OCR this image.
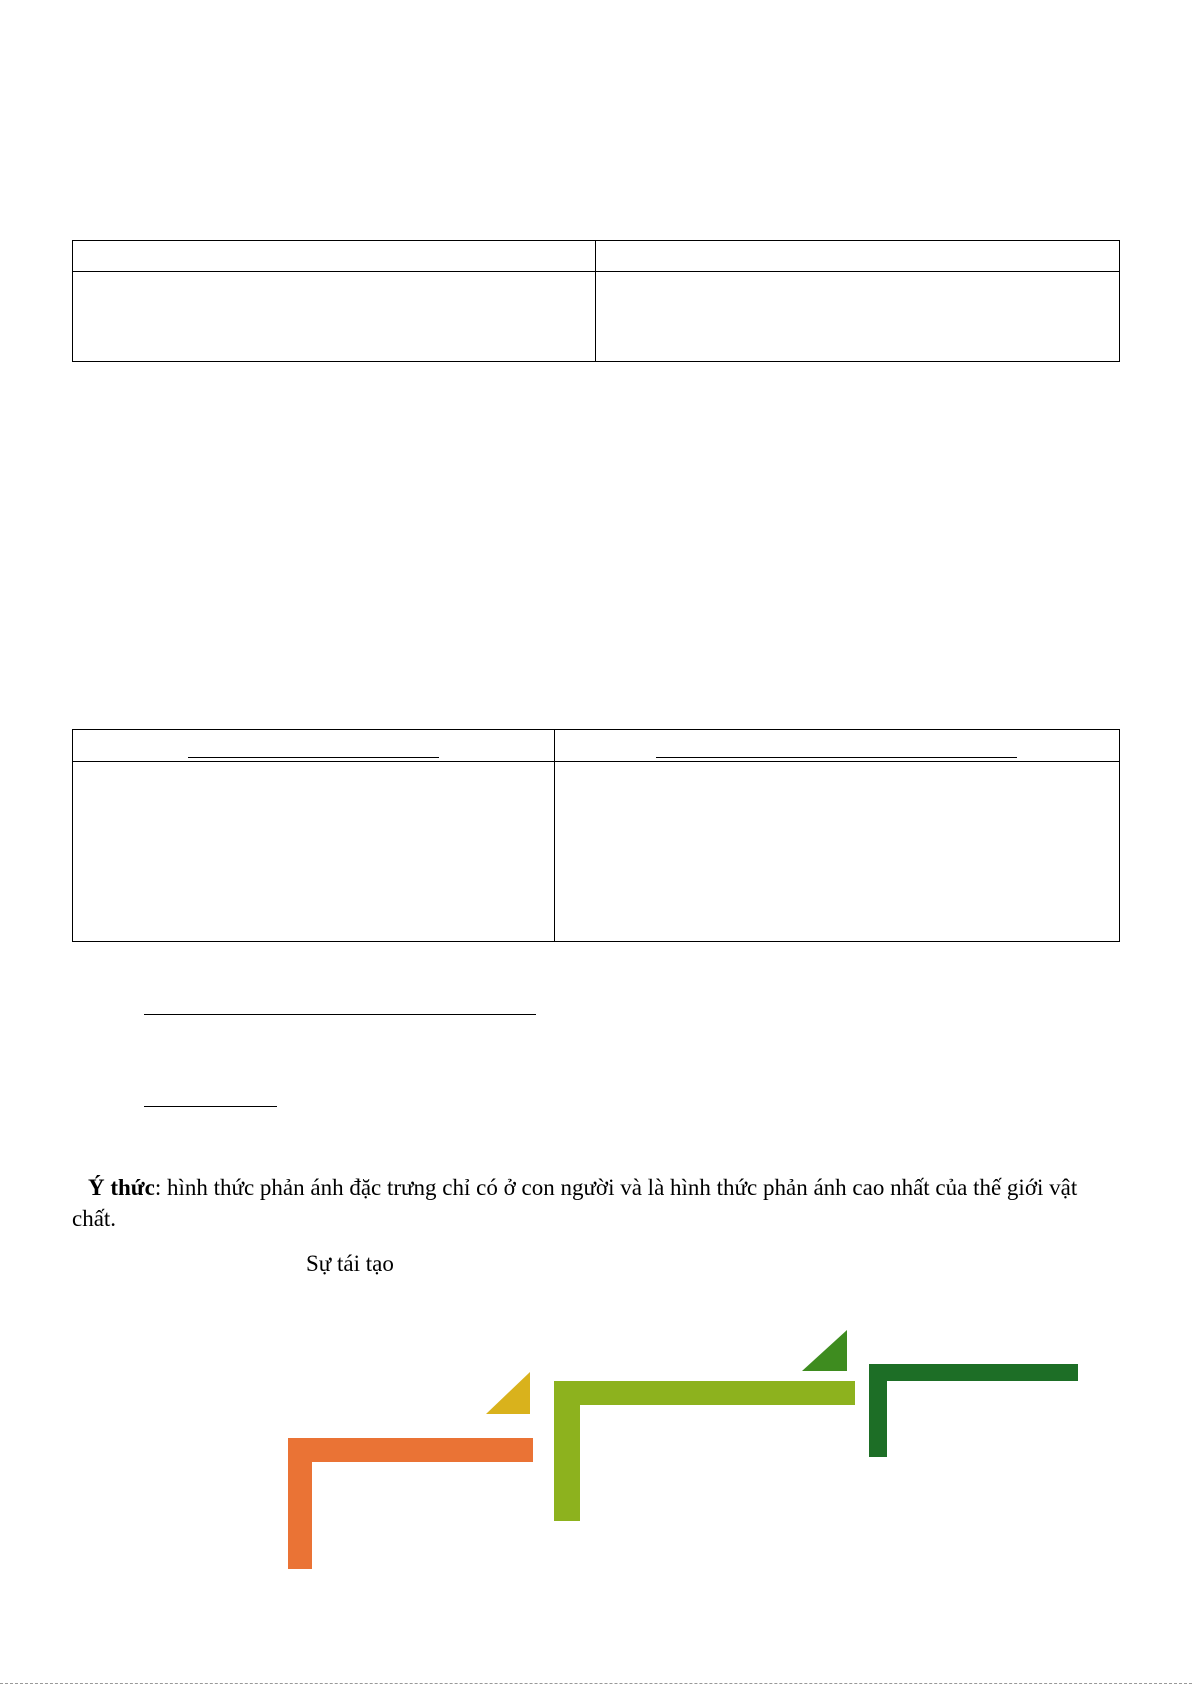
Ý thức: hình thức phản ánh đặc trưng chỉ có ở con người và là hình thức phản ánh cao nhất của thế giới vật chất.
Sự tái tạo
